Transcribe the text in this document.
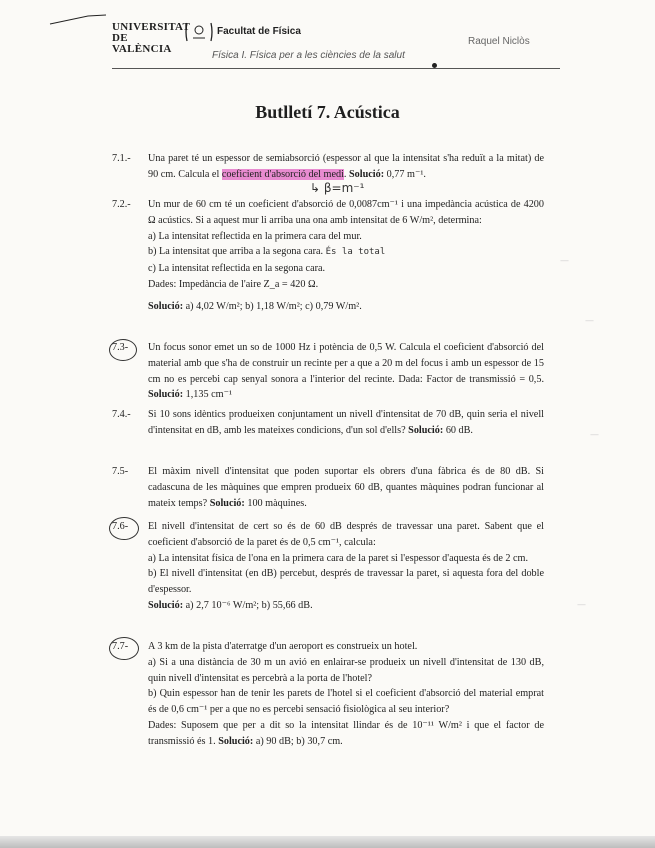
UNIVERSITAT DE VALÈNCIA
Facultat de Física
Raquel Niclòs
Física I. Física per a les ciències de la salut
Butlletí 7. Acústica
7.1.-	Una paret té un espessor de semiabsorció (espessor al que la intensitat s'ha reduït a la mitat) de 90 cm. Calcula el coeficient d'absorció del medi. Solució: 0,77 m⁻¹.

↳ β=m⁻¹
7.2.-	Un mur de 60 cm té un coeficient d'absorció de 0,0087cm⁻¹ i una impedància acústica de 4200 Ω acústics. Si a aquest mur li arriba una ona amb intensitat de 6 W/m², determina:

a) La intensitat reflectida en la primera cara del mur.

b) La intensitat que arriba a la segona cara. És la total

c) La intensitat reflectida en la segona cara.

Dades: Impedància de l'aire Z_a = 420 Ω.

Solució: a) 4,02 W/m²; b) 1,18 W/m²; c) 0,79 W/m².

7.3-	Un focus sonor emet un so de 1000 Hz i potència de 0,5 W. Calcula el coeficient d'absorció del material amb que s'ha de construir un recinte per a que a 20 m del focus i amb un espessor de 15 cm no es percebi cap senyal sonora a l'interior del recinte. Dada: Factor de transmissió = 0,5. Solució: 1,135 cm⁻¹

7.4.-	Si 10 sons idèntics produeixen conjuntament un nivell d'intensitat de 70 dB, quin seria el nivell d'intensitat en dB, amb les mateixes condicions, d'un sol d'ells? Solució: 60 dB.

7.5-	El màxim nivell d'intensitat que poden suportar els obrers d'una fàbrica és de 80 dB. Si cadascuna de les màquines que empren produeix 60 dB, quantes màquines podran funcionar al mateix temps? Solució: 100 màquines.

7.6-	El nivell d'intensitat de cert so és de 60 dB després de travessar una paret. Sabent que el coeficient d'absorció de la paret és de 0,5 cm⁻¹, calcula:

a) La intensitat física de l'ona en la primera cara de la paret si l'espessor d'aquesta és de 2 cm.

b) El nivell d'intensitat (en dB) percebut, després de travessar la paret, si aquesta fora del doble d'espessor.

Solució: a) 2,7 10⁻⁶ W/m²; b) 55,66 dB.

7.7-	A 3 km de la pista d'aterratge d'un aeroport es construeix un hotel.

a) Si a una distància de 30 m un avió en enlairar-se produeix un nivell d'intensitat de 130 dB, quin nivell d'intensitat es percebrà a la porta de l'hotel?

b) Quin espessor han de tenir les parets de l'hotel si el coeficient d'absorció del material emprat és de 0,6 cm⁻¹ per a que no es percebi sensació fisiològica al seu interior?

Dades: Suposem que per a dit so la intensitat llindar és de 10⁻¹¹ W/m² i que el factor de transmissió és 1. Solució: a) 90 dB; b) 30,7 cm.

—
—
—
—
